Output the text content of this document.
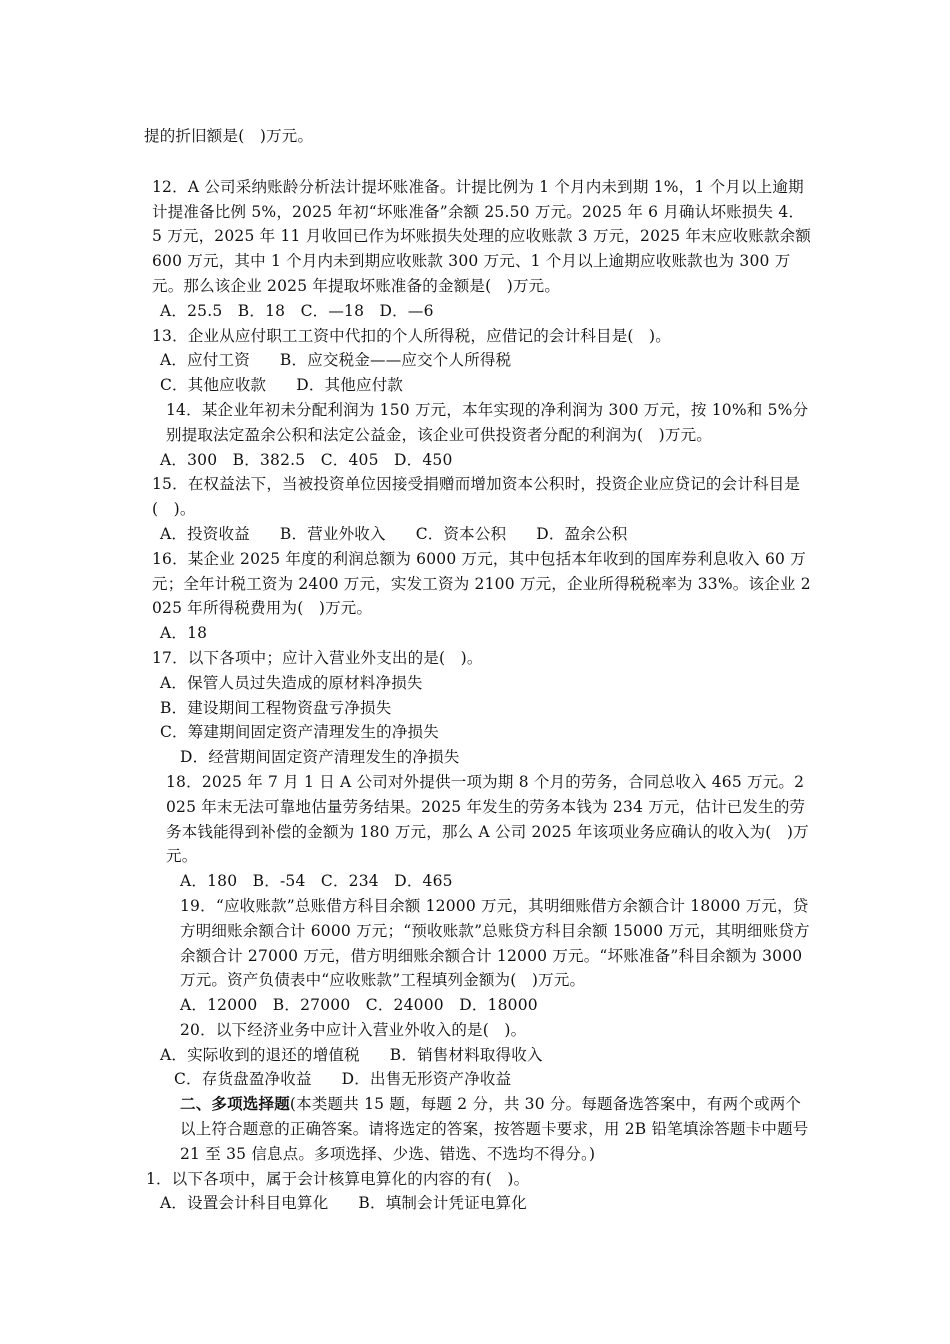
提的折旧额是(   )万元。

12．A 公司采纳账龄分析法计提坏账准备。计提比例为 1 个月内未到期 1%，1 个月以上逾期计提准备比例 5%，2025 年初“坏账准备”余额 25.50 万元。2025 年 6 月确认坏账损失 4．5 万元，2025 年 11 月收回已作为坏账损失处理的应收账款 3 万元，2025 年末应收账款余额 600 万元，其中 1 个月内未到期应收账款 300 万元、1 个月以上逾期应收账款也为 300 万元。那么该企业 2025 年提取坏账准备的金额是(   )万元。

A．25.5   B．18   C．—18   D．—6

13．企业从应付职工工资中代扣的个人所得税，应借记的会计科目是(   )。

A．应付工资 B．应交税金——应交个人所得税

C．其他应收款 D．其他应付款

14．某企业年初未分配利润为 150 万元，本年实现的净利润为 300 万元，按 10%和 5%分别提取法定盈余公积和法定公益金，该企业可供投资者分配的利润为(   )万元。

A．300   B．382.5   C．405   D．450

15．在权益法下，当被投资单位因接受捐赠而增加资本公积时，投资企业应贷记的会计科目是(   )。

A．投资收益 B．营业外收入 C．资本公积 D．盈余公积

16．某企业 2025 年度的利润总额为 6000 万元，其中包括本年收到的国库券利息收入 60 万元；全年计税工资为 2400 万元，实发工资为 2100 万元，企业所得税税率为 33%。该企业 2025 年所得税费用为(   )万元。

A．18

17．以下各项中；应计入营业外支出的是(   )。

A．保管人员过失造成的原材料净损失

B．建设期间工程物资盘亏净损失

C．筹建期间固定资产清理发生的净损失

D．经营期间固定资产清理发生的净损失

18．2025 年 7 月 1 日 A 公司对外提供一项为期 8 个月的劳务，合同总收入 465 万元。2025 年末无法可靠地估量劳务结果。2025 年发生的劳务本钱为 234 万元，估计已发生的劳务本钱能得到补偿的金额为 180 万元，那么 A 公司 2025 年该项业务应确认的收入为(   )万元。

A．180   B．-54   C．234   D．465

19．“应收账款”总账借方科目余额 12000 万元，其明细账借方余额合计 18000 万元，贷方明细账余额合计 6000 万元；“预收账款”总账贷方科目余额 15000 万元，其明细账贷方余额合计 27000 万元，借方明细账余额合计 12000 万元。“坏账准备”科目余额为 3000 万元。资产负债表中“应收账款”工程填列金额为(   )万元。

A．12000   B．27000   C．24000   D．18000

20．以下经济业务中应计入营业外收入的是(   )。

A．实际收到的退还的增值税 B．销售材料取得收入

C．存货盘盈净收益 D．出售无形资产净收益

二、多项选择题(本类题共 15 题，每题 2 分，共 30 分。每题备选答案中，有两个或两个以上符合题意的正确答案。请将选定的答案，按答题卡要求，用 2B 铅笔填涂答题卡中题号 21 至 35 信息点。多项选择、少选、错选、不选均不得分。)

1．以下各项中，属于会计核算电算化的内容的有(   )。

A．设置会计科目电算化 B．填制会计凭证电算化
